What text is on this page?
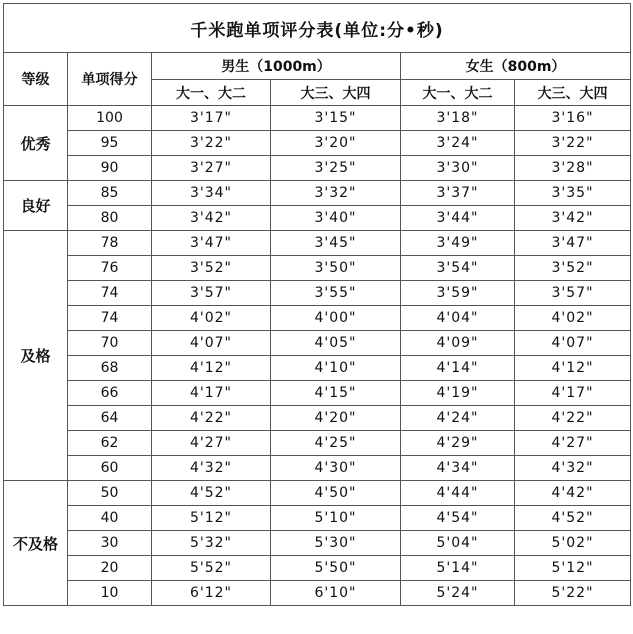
千米跑单项评分表(单位:分•秒)					
等级	单项得分	男生（1000m）		女生（800m）	
		大一、大二	大三、大四	大一、大二	大三、大四
优秀	100	3'17"	3'15"	3'18"	3'16"
	95	3'22"	3'20"	3'24"	3'22"
	90	3'27"	3'25"	3'30"	3'28"
良好	85	3'34"	3'32"	3'37"	3'35"
	80	3'42"	3'40"	3'44"	3'42"
及格	78	3'47"	3'45"	3'49"	3'47"
	76	3'52"	3'50"	3'54"	3'52"
	74	3'57"	3'55"	3'59"	3'57"
	74	4'02"	4'00"	4'04"	4'02"
	70	4'07"	4'05"	4'09"	4'07"
	68	4'12"	4'10"	4'14"	4'12"
	66	4'17"	4'15"	4'19"	4'17"
	64	4'22"	4'20"	4'24"	4'22"
	62	4'27"	4'25"	4'29"	4'27"
	60	4'32"	4'30"	4'34"	4'32"
不及格	50	4'52"	4'50"	4'44"	4'42"
	40	5'12"	5'10"	4'54"	4'52"
	30	5'32"	5'30"	5'04"	5'02"
	20	5'52"	5'50"	5'14"	5'12"
	10	6'12"	6'10"	5'24"	5'22"
